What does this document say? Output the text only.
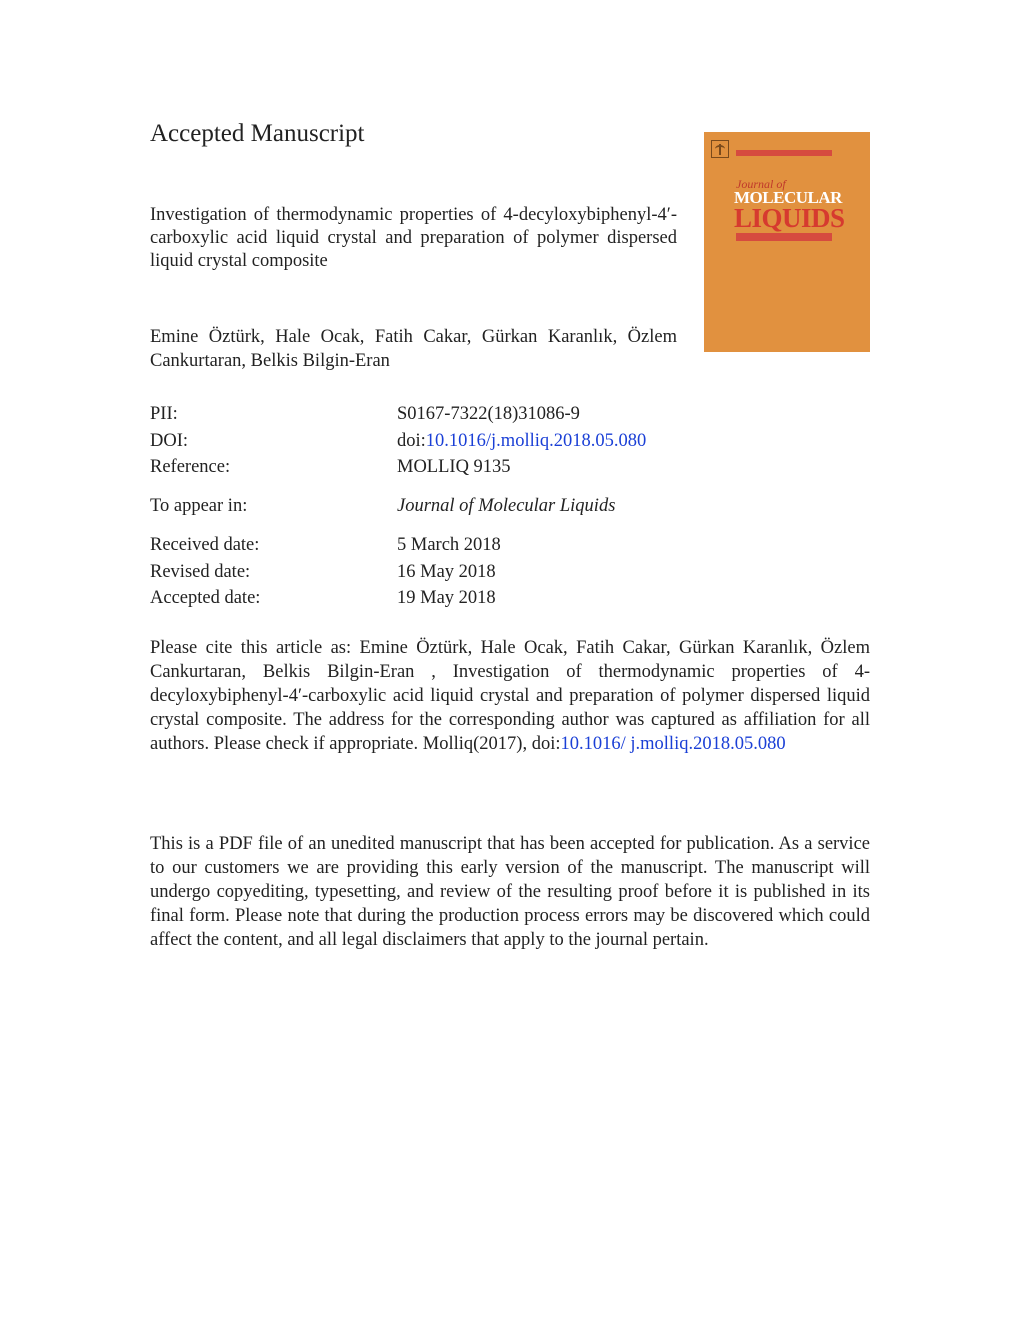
Accepted Manuscript
Investigation of thermodynamic properties of 4-decyloxybiphenyl-4′-carboxylic acid liquid crystal and preparation of polymer dispersed liquid crystal composite
Emine Öztürk, Hale Ocak, Fatih Cakar, Gürkan Karanlık, Özlem Cankurtaran, Belkis Bilgin-Eran
Journal of
MOLECULAR
LIQUIDS
PII:	S0167-7322(18)31086-9
DOI:	doi:10.1016/j.molliq.2018.05.080
Reference:	MOLLIQ 9135
To appear in:	Journal of Molecular Liquids
Received date:	5 March 2018
Revised date:	16 May 2018
Accepted date:	19 May 2018
Please cite this article as: Emine Öztürk, Hale Ocak, Fatih Cakar, Gürkan Karanlık, Özlem Cankurtaran, Belkis Bilgin-Eran , Investigation of thermodynamic properties of 4-decyloxybiphenyl-4′-carboxylic acid liquid crystal and preparation of polymer dispersed liquid crystal composite. The address for the corresponding author was captured as affiliation for all authors. Please check if appropriate. Molliq(2017), doi:10.1016/ j.molliq.2018.05.080
This is a PDF file of an unedited manuscript that has been accepted for publication. As a service to our customers we are providing this early version of the manuscript. The manuscript will undergo copyediting, typesetting, and review of the resulting proof before it is published in its final form. Please note that during the production process errors may be discovered which could affect the content, and all legal disclaimers that apply to the journal pertain.
